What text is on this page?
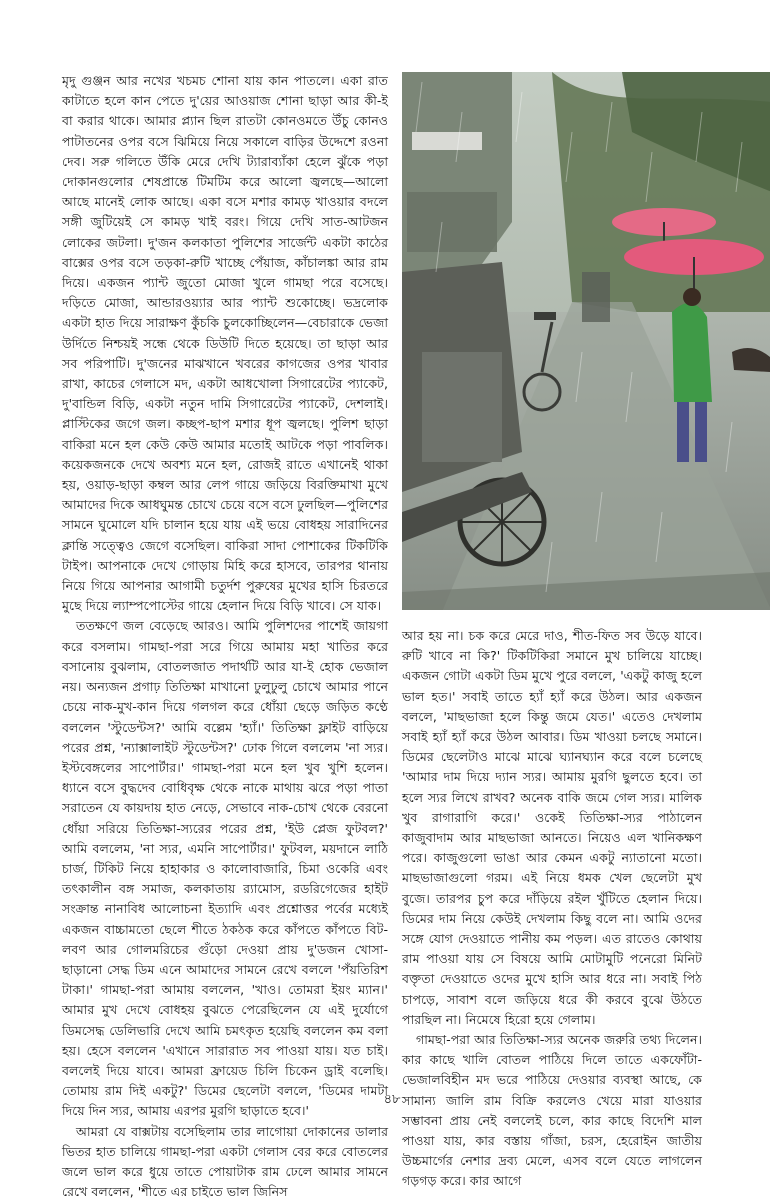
মৃদু গুঞ্জন আর নখের খচমচ শোনা যায় কান পাতলে। একা রাত কাটাতে হলে কান পেতে দু'য়ের আওয়াজ শোনা ছাড়া আর কী-ই বা করার থাকে। আমার প্ল্যান ছিল রাতটা কোনওমতে উঁচু কোনও পাটাতনের ওপর বসে ঝিমিয়ে নিয়ে সকালে বাড়ির উদ্দেশে রওনা দেব। সরু গলিতে উঁকি মেরে দেখি ট্যারাব্যাঁকা হেলে ঝুঁকে পড়া দোকানগুলোর শেষপ্রান্তে টিমটিম করে আলো জ্বলছে—আলো আছে মানেই লোক আছে। একা বসে মশার কামড় খাওয়ার বদলে সঙ্গী জুটিয়েই সে কামড় খাই বরং। গিয়ে দেখি সাত-আটজন লোকের জটলা। দু'জন কলকাতা পুলিশের সার্জেন্ট একটা কাঠের বাক্সের ওপর বসে তড়কা-রুটি খাচ্ছে পেঁয়াজ, কাঁচালঙ্কা আর রাম দিয়ে। একজন প্যান্ট জুতো মোজা খুলে গামছা পরে বসেছে। দড়িতে মোজা, আন্ডারওয়্যার আর প্যান্ট শুকোচ্ছে। ভদ্রলোক একটা হাত দিয়ে সারাক্ষণ কুঁচকি চুলকোচ্ছিলেন—বেচারাকে ভেজা উর্দিতে নিশ্চয়ই সন্ধে থেকে ডিউটি দিতে হয়েছে। তা ছাড়া আর সব পরিপাটি। দু'জনের মাঝখানে খবরের কাগজের ওপর খাবার রাখা, কাচের গেলাসে মদ, একটা আধখোলা সিগারেটের প্যাকেট, দু'বান্ডিল বিড়ি, একটা নতুন দামি সিগারেটের প্যাকেট, দেশলাই। প্লাস্টিকের জগে জল। কচ্ছপ-ছাপ মশার ধূপ জ্বলছে। পুলিশ ছাড়া বাকিরা মনে হল কেউ কেউ আমার মতোই আটকে পড়া পাবলিক। কয়েকজনকে দেখে অবশ্য মনে হল, রোজই রাতে এখানেই থাকা হয়, ওয়াড়-ছাড়া কম্বল আর লেপ গায়ে জড়িয়ে বিরক্তিমাখা মুখে আমাদের দিকে আধঘুমন্ত চোখে চেয়ে বসে বসে ঢুলছিল—পুলিশের সামনে ঘুমোলে যদি চালান হয়ে যায় এই ভয়ে বোধহয় সারাদিনের ক্লান্তি সত্ত্বেও জেগে বসেছিল। বাকিরা সাদা পোশাকের টিকটিকি টাইপ। আপনাকে দেখে গোড়ায় মিহি করে হাসবে, তারপর থানায় নিয়ে গিয়ে আপনার আগামী চতুর্দশ পুরুষের মুখের হাসি চিরতরে মুছে দিয়ে ল্যাম্পপোস্টের গায়ে হেলান দিয়ে বিড়ি খাবে। সে যাক।

ততক্ষণে জল বেড়েছে আরও। আমি পুলিশদের পাশেই জায়গা করে বসলাম। গামছা-পরা সরে গিয়ে আমায় মহা খাতির করে বসানোয় বুঝলাম, বোতলজাত পদার্থটি আর যা-ই হোক ভেজাল নয়। অন্যজন প্রগাঢ় তিতিক্ষা মাখানো ঢুলুঢুলু চোখে আমার পানে চেয়ে নাক-মুখ-কান দিয়ে গলগল করে ধোঁয়া ছেড়ে জড়িত কণ্ঠে বললেন 'স্টুডেন্টস?' আমি বল্লেম 'হ্যাঁ।' তিতিক্ষা ফ্লাইট বাড়িয়ে পরের প্রশ্ন, 'ন্যাক্সালাইট স্টুডেন্টস?' ঢোক গিলে বললেম 'না স্যর। ইস্টবেঙ্গলের সাপোর্টার।' গামছা-পরা মনে হল খুব খুশি হলেন। ধ্যানে বসে বুদ্ধদেব বোধিবৃক্ষ থেকে নাকে মাথায় ঝরে পড়া পাতা সরাতেন যে কায়দায় হাত নেড়ে, সেভাবে নাক-চোখ থেকে বেরনো ধোঁয়া সরিয়ে তিতিক্ষা-স্যরের পরের প্রশ্ন, 'ইউ প্লেজ ফুটবল?' আমি বললেম, 'না স্যর, এমনি সাপোর্টার।' ফুটবল, ময়দানে লাঠি চার্জ, টিকিট নিয়ে হাহাকার ও কালোবাজারি, চিমা ওকেরি এবং তৎকালীন বঙ্গ সমাজ, কলকাতায় র‍্যামোস, রডরিগেজের হাইট সংক্রান্ত নানাবিধ আলোচনা ইত্যাদি এবং প্রশ্নোত্তর পর্বের মধ্যেই একজন বাচ্চামতো ছেলে শীতে ঠকঠক করে কাঁপতে কাঁপতে বিট-লবণ আর গোলমরিচের গুঁড়ো দেওয়া প্রায় দু'ডজন খোসা-ছাড়ানো সেদ্ধ ডিম এনে আমাদের সামনে রেখে বললে 'পঁয়তিরিশ টাকা।' গামছা-পরা আমায় বললেন, 'খাও। তোমরা ইয়ং ম্যান।' আমার মুখ দেখে বোধহয় বুঝতে পেরেছিলেন যে এই দুর্যোগে ডিমসেদ্ধ ডেলিভারি দেখে আমি চমৎকৃত হয়েছি বললেন কম বলা হয়। হেসে বললেন 'এখানে সারারাত সব পাওয়া যায়। যত চাই। বললেই দিয়ে যাবে। আমরা ফ্রায়েড চিলি চিকেন ড্রাই বলেছি। তোমায় রাম দিই একটু?' ডিমের ছেলেটা বললে, 'ডিমের দামটা দিয়ে দিন স্যর, আমায় এরপর মুরগি ছাড়াতে হবে।'

আমরা যে বাক্সটায় বসেছিলাম তার লাগোয়া দোকানের ডালার ভিতর হাত চালিয়ে গামছা-পরা একটা গেলাস বের করে বোতলের জলে ভাল করে ধুয়ে তাতে পোয়াটাক রাম ঢেলে আমার সামনে রেখে বললেন, 'শীতে এর চাইতে ভাল জিনিস

আর হয় না। চক করে মেরে দাও, শীত-ফিত সব উড়ে যাবে। রুটি খাবে না কি?' টিকটিকিরা সমানে মুখ চালিয়ে যাচ্ছে। একজন গোটা একটা ডিম মুখে পুরে বললে, 'একটু কাজু হলে ভাল হত।' সবাই তাতে হ্যাঁ হ্যাঁ করে উঠল। আর একজন বললে, 'মাছভাজা হলে কিন্তু জমে যেত।' এতেও দেখলাম সবাই হ্যাঁ হ্যাঁ করে উঠল আবার। ডিম খাওয়া চলছে সমানে। ডিমের ছেলেটাও মাঝে মাঝে ঘ্যানঘ্যান করে বলে চলেছে 'আমার দাম দিয়ে দ্যান স্যর। আমায় মুরগি ছুলতে হবে। তা হলে স্যর লিখে রাখব? অনেক বাকি জমে গেল স্যর। মালিক খুব রাগারাগি করে।' ওকেই তিতিক্ষা-স্যর পাঠালেন কাজুবাদাম আর মাছভাজা আনতে। নিয়েও এল খানিকক্ষণ পরে। কাজুগুলো ভাঙা আর কেমন একটু ন্যাতানো মতো। মাছভাজাগুলো গরম। এই নিয়ে ধমক খেল ছেলেটা মুখ বুজে। তারপর চুপ করে দাঁড়িয়ে রইল খুঁটিতে হেলান দিয়ে। ডিমের দাম নিয়ে কেউই দেখলাম কিছু বলে না। আমি ওদের সঙ্গে যোগ দেওয়াতে পানীয় কম পড়ল। এত রাতেও কোথায় রাম পাওয়া যায় সে বিষয়ে আমি মোটামুটি পনেরো মিনিট বক্তৃতা দেওয়াতে ওদের মুখে হাসি আর ধরে না। সবাই পিঠ চাপড়ে, সাবাশ বলে জড়িয়ে ধরে কী করবে বুঝে উঠতে পারছিল না। নিমেষে হিরো হয়ে গেলাম।

গামছা-পরা আর তিতিক্ষা-স্যর অনেক জরুরি তথ্য দিলেন। কার কাছে খালি বোতল পাঠিয়ে দিলে তাতে একফোঁটা-ভেজালবিহীন মদ ভরে পাঠিয়ে দেওয়ার ব্যবস্থা আছে, কে সামান্য জালি রাম বিক্রি করলেও খেয়ে মারা যাওয়ার সম্ভাবনা প্রায় নেই বললেই চলে, কার কাছে বিদেশি মাল পাওয়া যায়, কার বস্তায় গাঁজা, চরস, হেরোইন জাতীয় উচ্চমার্গের নেশার দ্রব্য মেলে, এসব বলে যেতে লাগলেন গড়গড় করে। কার আগে

৪৮
